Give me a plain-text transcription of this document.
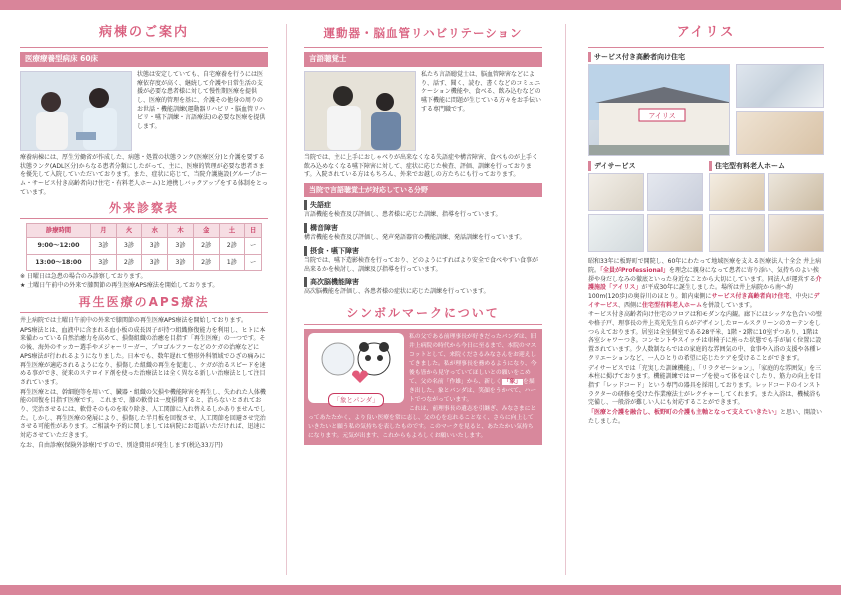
病棟のご案内
医療療養型病床 60床

状態は安定していても、自宅療養を行うには医療依存度が高く、継続して介護や日常生活の支援が必要な患者様に対して慢性期医療を提供し、医療的管理を基に、介護その他身の周りのお世話・機能訓練(運動器リハビリ・脳血管リハビリ・嚥下訓練・言語療法)の必要な医療を提供します。

療養病棟には、厚生労働省が作成した、病態・処置の状態ランク(医療区分)と介護を要する状態ランク(ADL区分)からなる患者分類にしたがって、主に、医療的管理が必要な患者さまを優先して入院していただいております。また、症状に応じて、当院介護施設(グループホーム・サービス付き高齢者向け住宅・有料老人ホーム)と連携しバックアップをする体制をとっています。

外来診察表
診療時間	月	火	水	木	金	土	日
9:00〜12:00	3診	3診	3診	3診	2診	2診	ー
13:00〜18:00	3診	2診	3診	3診	2診	1診	ー

※ 日曜日は急患の場合のみ診察しております。

★ 土曜日午前中の外来で膝関節の再生医療APS療法を開始しております。

再生医療のAPS療法

井上病院では土曜日午前中の外来で膝関節の再生医療APS療法を開始しております。

APS療法とは、血液中に含まれる血小板の成長因子が持つ組織修復能力を利用し、ヒトに本来備わっている自然治癒力を高めて、損傷組織の治癒を目指す「再生医療」の一つです。その後、海外のサッカー選手やメジャーリーガー、プロゴルファーなどのケガの治療などにAPS療法が行われるようになりました。日本でも、数年遅れて整形外科領域でひざの痛みに再生医療が適応されるようになり、損傷した組織の再生を促進し、ケガが治るスピードを速める事ができ、従来のステロイド剤を使った治療法とは全く異なる新しい治療法として注目されています。

再生医療とは、幹細胞等を用いて、臓器・組織の欠損や機能障害を再生し、失われた人体機能の回復を目指す医療です。 これまで、膝の軟骨は一度損傷すると、治らないとされており、完治させるには、軟骨そのものを取り除き、人工関節に入れ替えるしかありませんでした。しかし、再生医療の発展により、損傷した半月板を回復させ、人工関節を回避させ完治させる可能性があります。ご相談や予約に関しましては病院にお電話いただければ、迅速に対応させていただきます。

なお、自由診療(保険外診療)ですので、別途費用が発生します(税込33万円)

運動器・脳血管リハビリテーション
言語聴覚士

私たち言語聴覚士は、脳血管障害などにより、話す、聞く、読む、書くなどのコミュニケーション機能や、食べる、飲み込むなどの嚥下機能に問題が生じている方々をお手伝いする専門職です。

当院では、主に上手におしゃべりが出来なくなる失語症や構音障害、食べものが上手く飲み込めなくなる嚥下障害に対して、症状に応じた検査、評価、訓練を行っております。入院されている方はもちろん、外来でお越しの方たちにも行っております。

当院で言語聴覚士が対応している分野
失語症

言語機能を検査及び評価し、患者様に応じた訓練、指導を行っています。

構音障害

構音機能を検査及び評価し、発声発語器官の機能訓練、発話訓練を行っています。

摂食・嚥下障害

当院では、嚥下造影検査を行っており、どのようにすればより安全で食べやすい食事が出来るかを検討し、訓練及び指導を行っています。

高次脳機能障害

高次脳機能を評価し、各患者様の症状に応じた訓練を行っています。

シンボルマークについて
「象とパンダ」
私の父である前理事長が好きだったパンダは、旧井上病院の時代から今日に至るまで、本院のマスコットとして、来院くださるみなさんをお迎えしてきました。私が理事長を務めるようになり、今後も皆から見守っていてほしいとの願いをこめて、父の名前「作雄」から、新しく 「象」 を描き出した、象とパンダは、笑顔をうかべて、ハートでつながっています。
これは、前理事長の遺志を引継ぎ、みなさまにとってあたたかく、より良い医療を常に志し、父の心を忘れることなく、さらに向上していきたいと願う私の気持ちを表したものです。このマークを見ると、あたたかい気持ちになります。元気が出ます、これからもよろしくお願いいたします。
アイリス
サービス付き高齢者向け住宅
アイリス
デイサービス	住宅型有料老人ホーム

昭和33年に板野町で開院し、60年にわたって地域医療を支える医療法人十全会 井上病院。「全員がProfessional」を理念に親身になって患者に寄り添い、気持ちのよい挨拶や身だしなみの徹底といった身近なことから大切にしています。同法人が運営する介護施設「アイリス」が平成30年に誕生しました。場所は井上病院から南へ約100m(120歩)の奥谷川のほとり。館内東側にサービス付き高齢者向け住宅、中央にデイサービス、西側に住宅型有料老人ホームを併設しています。

サービス付き高齢者向け住宅のフロアは和モダンな内観。廊下にはシックな色合いの壁や格子戸、理事長の井上英光先生自らがデザインしたロールスクリーンのカーテンをしつらえております。居室は全室個室である28平米、1階・2階に10室ずつあり、1階は各室シャワーつき。コンセントやスイッチは車椅子に座った状態でも手が届く位置に設置されています。少人数制ならではの家庭的な雰囲気の中、食事や入浴の支援や各種レクリエーションなど、一人ひとりの希望に応じたケアを受けることができます。

デイサービスでは「充実した訓練機能」、「リラクゼーション」、「家庭的な雰囲気」を三本柱に掲げております。機能訓練ではロープを使って体をほぐしたり、筋力の向上を目指す「レッドコード」という専門の器具を採用しております。レッドコードのインストラクターの研修を受けた作業療法士がレクチャーしてくれます。また入浴は、機械浴も完備し、一般浴が難しい人にも対応することができます。

「医療と介護を融合し、板野町の介護も主軸となって支えていきたい」と思い、開設いたしました。
